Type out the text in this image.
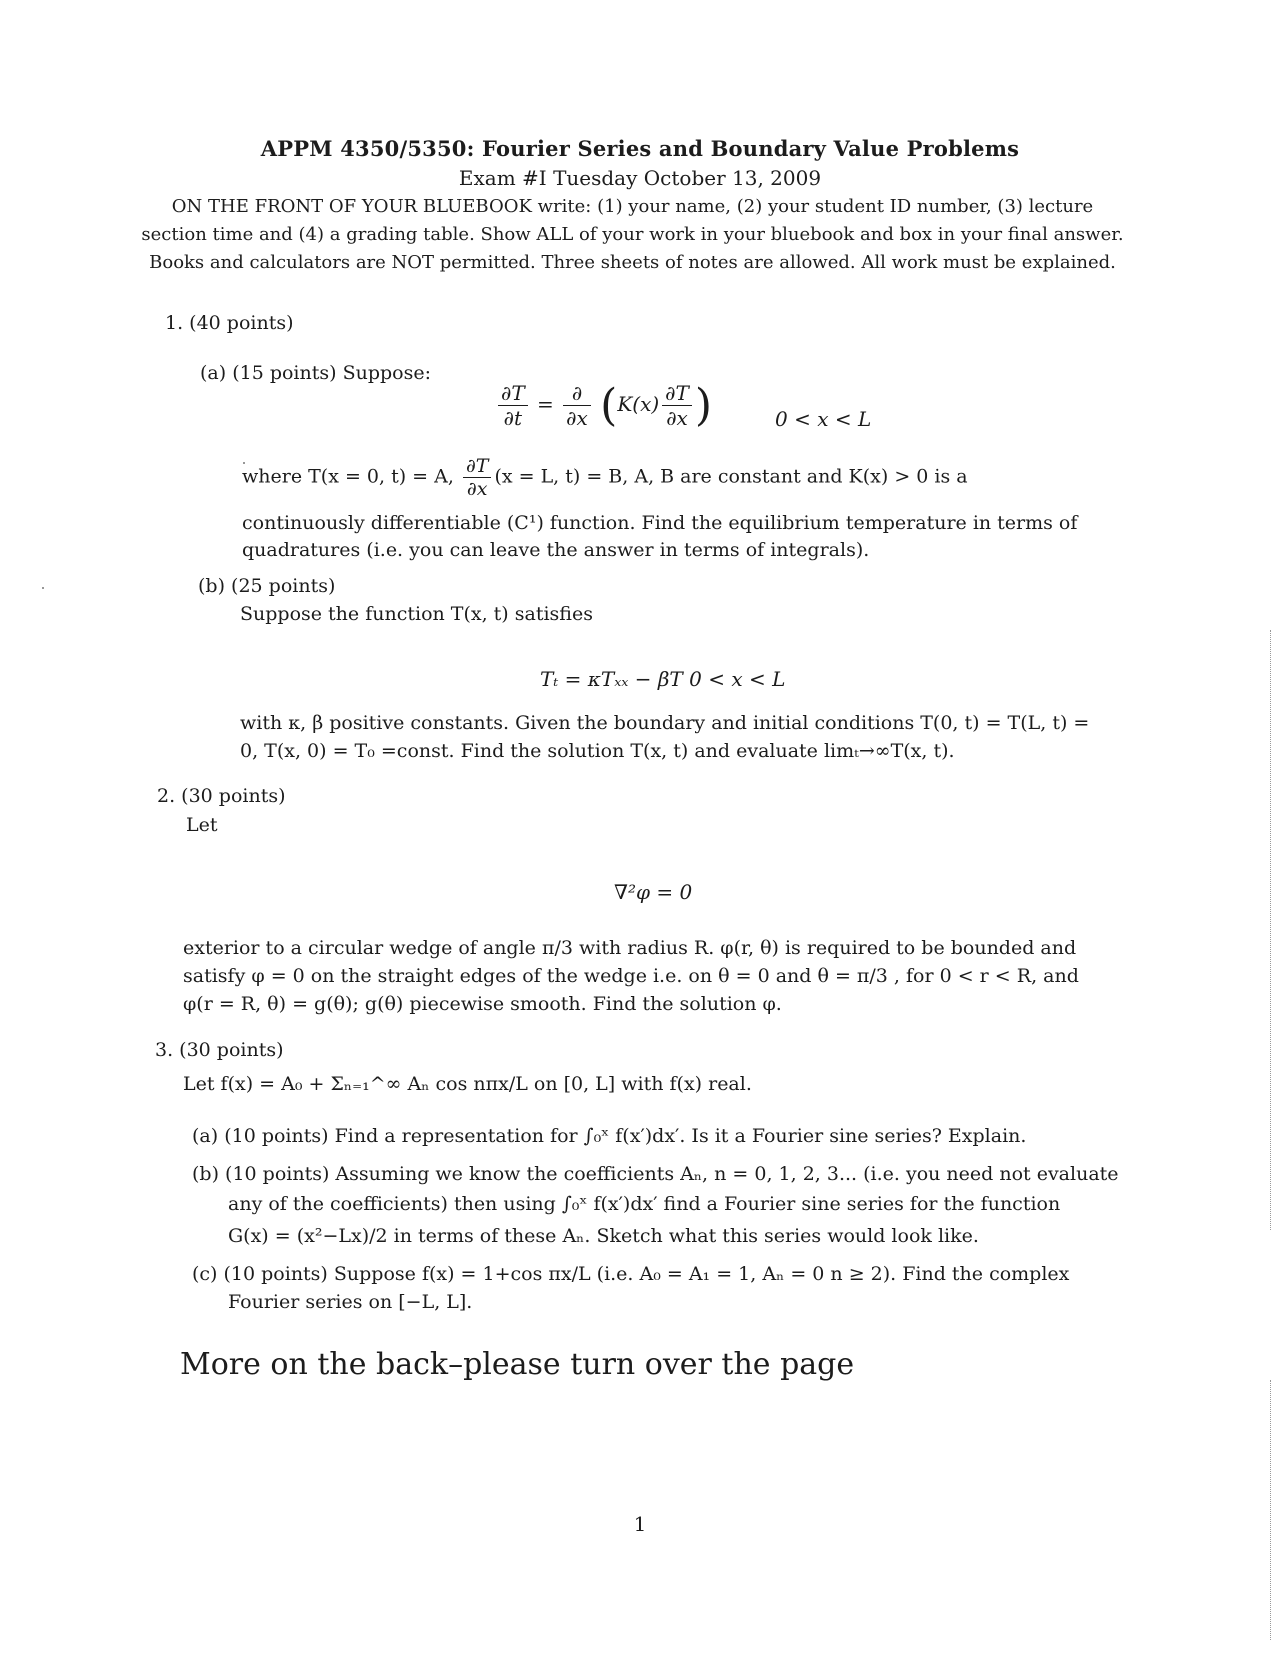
APPM 4350/5350: Fourier Series and Boundary Value Problems
Exam #I Tuesday October 13, 2009
ON THE FRONT OF YOUR BLUEBOOK write: (1) your name, (2) your student ID number, (3) lecture
section time and (4) a grading table. Show ALL of your work in your bluebook and box in your final answer.
Books and calculators are NOT permitted. Three sheets of notes are allowed. All work must be explained.
1. (40 points)
(a) (15 points) Suppose:
$\frac{\partial T}{\partial t} = \frac{\partial}{\partial x} (K(x) \frac{\partial T}{\partial x}$ )	0 < x < L
where T(x = 0, t) = A, $\frac{\partial T}{\partial x} (x = L$, t) = B, A, B are constant and K(x) > 0 is a
continuously differentiable (C¹) function. Find the equilibrium temperature in terms of
quadratures (i.e. you can leave the answer in terms of integrals).
(b) (25 points)
Suppose the function T(x, t) satisfies
Tₜ = κTₓₓ − βT 0 < x < L
with κ, β positive constants. Given the boundary and initial conditions T(0, t) = T(L, t) =
0, T(x, 0) = T₀ =const. Find the solution T(x, t) and evaluate limₜ→∞T(x, t).
2. (30 points)
Let
∇²φ = 0
exterior to a circular wedge of angle π/3 with radius R. φ(r, θ) is required to be bounded and
satisfy φ = 0 on the straight edges of the wedge i.e. on θ = 0 and θ = π/3 , for 0 < r < R, and
φ(r = R, θ) = g(θ); g(θ) piecewise smooth. Find the solution φ.
3. (30 points)
Let f(x) = A₀ + Σₙ₌₁^∞ Aₙ cos nπx/L on [0, L] with f(x) real.
(a) (10 points) Find a representation for ∫₀ˣ f(x′)dx′. Is it a Fourier sine series? Explain.
(b) (10 points) Assuming we know the coefficients Aₙ, n = 0, 1, 2, 3... (i.e. you need not evaluate
any of the coefficients) then using ∫₀ˣ f(x′)dx′ find a Fourier sine series for the function
G(x) = (x²−Lx)/2 in terms of these Aₙ. Sketch what this series would look like.
(c) (10 points) Suppose f(x) = 1+cos πx/L (i.e. A₀ = A₁ = 1, Aₙ = 0 n ≥ 2). Find the complex
Fourier series on [−L, L].
More on the back–please turn over the page
1
